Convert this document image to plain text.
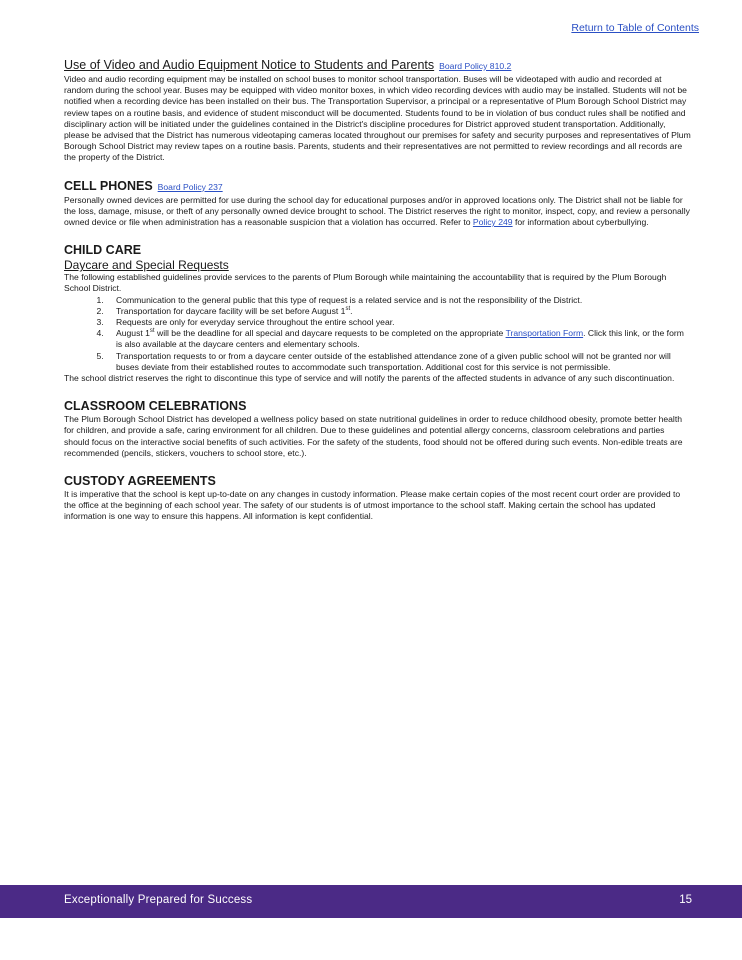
Return to Table of Contents
Use of Video and Audio Equipment Notice to Students and Parents Board Policy 810.2

Video and audio recording equipment may be installed on school buses to monitor school transportation. Buses will be videotaped with audio and recorded at random during the school year. Buses may be equipped with video monitor boxes, in which video recording devices with audio may be installed. Students will not be notified when a recording device has been installed on their bus. The Transportation Supervisor, a principal or a representative of Plum Borough School District may review tapes on a routine basis, and evidence of student misconduct will be documented. Students found to be in violation of bus conduct rules shall be notified and disciplinary action will be initiated under the guidelines contained in the District's discipline procedures for District approved student transportation. Additionally, please be advised that the District has numerous videotaping cameras located throughout our premises for safety and security purposes and representatives of Plum Borough School District may review tapes on a routine basis. Parents, students and their representatives are not permitted to review recordings and all records are the property of the District.

CELL PHONES Board Policy 237

Personally owned devices are permitted for use during the school day for educational purposes and/or in approved locations only. The District shall not be liable for the loss, damage, misuse, or theft of any personally owned device brought to school. The District reserves the right to monitor, inspect, copy, and review a personally owned device or file when administration has a reasonable suspicion that a violation has occurred. Refer to Policy 249 for information about cyberbullying.

CHILD CARE
Daycare and Special Requests

The following established guidelines provide services to the parents of Plum Borough while maintaining the accountability that is required by the Plum Borough School District.

1. Communication to the general public that this type of request is a related service and is not the responsibility of the District.
2. Transportation for daycare facility will be set before August 1st.
3. Requests are only for everyday service throughout the entire school year.
4. August 1st will be the deadline for all special and daycare requests to be completed on the appropriate Transportation Form. Click this link, or the form is also available at the daycare centers and elementary schools.
5. Transportation requests to or from a daycare center outside of the established attendance zone of a given public school will not be granted nor will buses deviate from their established routes to accommodate such transportation. Additional cost for this service is not permissible.

The school district reserves the right to discontinue this type of service and will notify the parents of the affected students in advance of any such discontinuation.

CLASSROOM CELEBRATIONS

The Plum Borough School District has developed a wellness policy based on state nutritional guidelines in order to reduce childhood obesity, promote better health for children, and provide a safe, caring environment for all children. Due to these guidelines and potential allergy concerns, classroom celebrations and parties should focus on the interactive social benefits of such activities. For the safety of the students, food should not be offered during such events. Non-edible treats are recommended (pencils, stickers, vouchers to school store, etc.).

CUSTODY AGREEMENTS

It is imperative that the school is kept up-to-date on any changes in custody information. Please make certain copies of the most recent court order are provided to the office at the beginning of each school year. The safety of our students is of utmost importance to the school staff. Making certain the school has updated information is one way to ensure this happens. All information is kept confidential.

Exceptionally Prepared for Success	15
